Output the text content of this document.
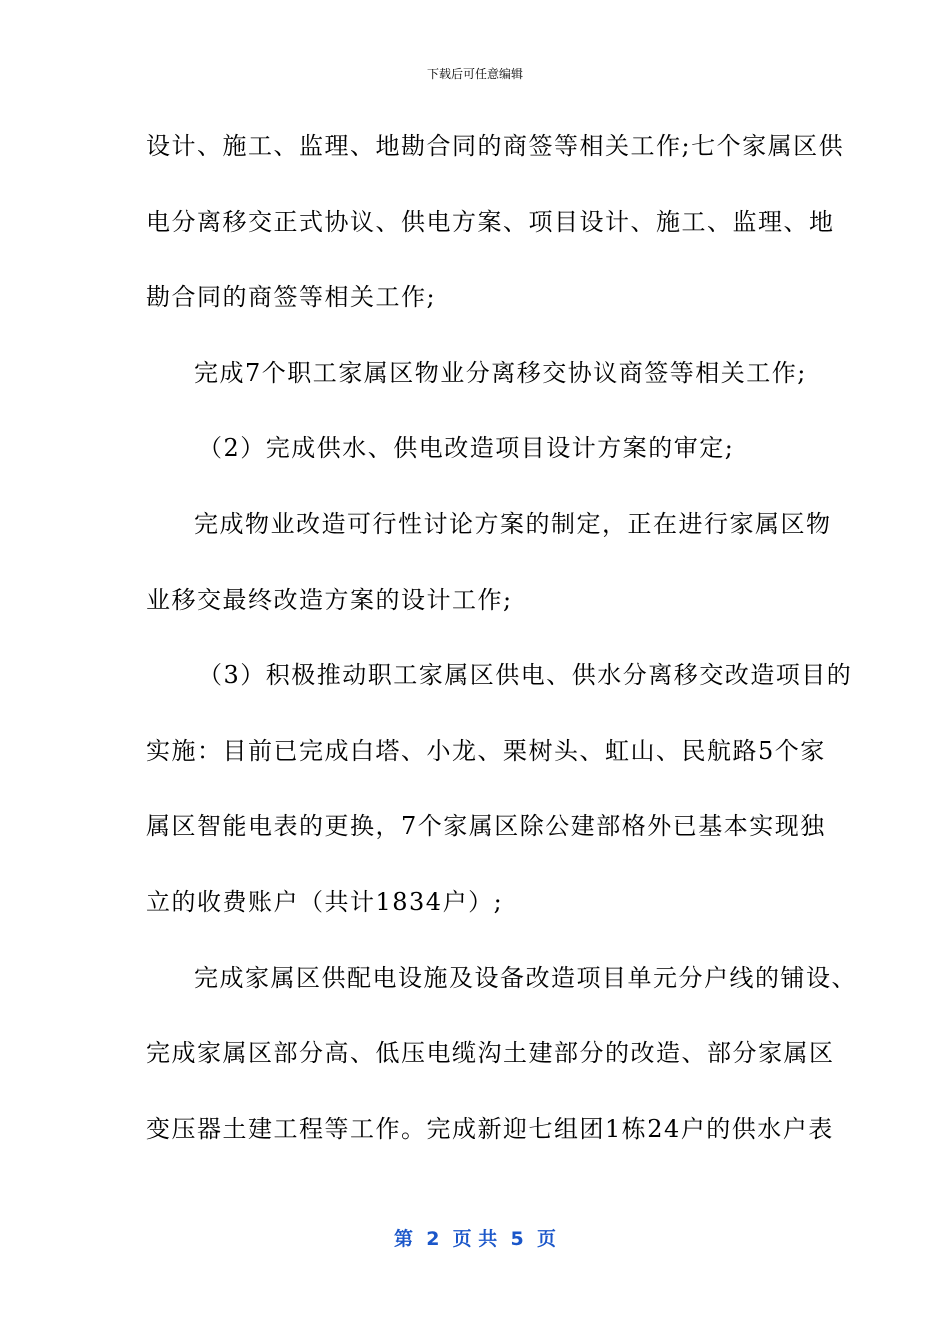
下载后可任意编辑
设计、施工、监理、地勘合同的商签等相关工作;七个家属区供
电分离移交正式协议、供电方案、项目设计、施工、监理、地
勘合同的商签等相关工作;
完成7个职工家属区物业分离移交协议商签等相关工作;
（2）完成供水、供电改造项目设计方案的审定;
完成物业改造可行性讨论方案的制定，正在进行家属区物
业移交最终改造方案的设计工作;
（3）积极推动职工家属区供电、供水分离移交改造项目的
实施：目前已完成白塔、小龙、栗树头、虹山、民航路5个家
属区智能电表的更换，7个家属区除公建部格外已基本实现独
立的收费账户（共计1834户）;
完成家属区供配电设施及设备改造项目单元分户线的铺设、
完成家属区部分高、低压电缆沟土建部分的改造、部分家属区
变压器土建工程等工作。完成新迎七组团1栋24户的供水户表
第  2  页 共  5  页
